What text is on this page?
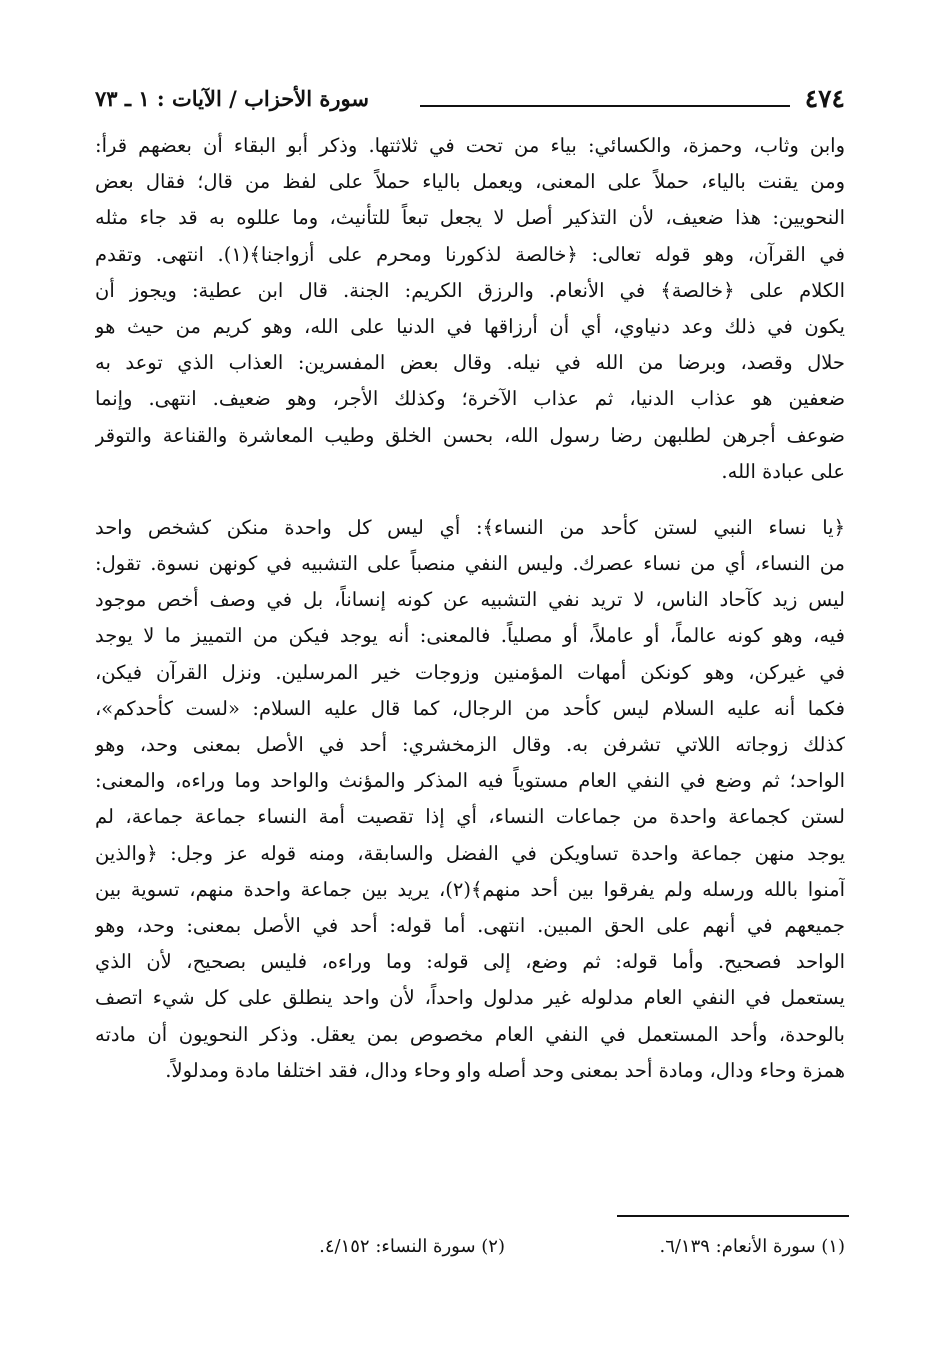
٤٧٤
سورة الأحزاب / الآيات : ١ ـ ٧٣
وابن وثاب، وحمزة، والكسائي: بياء من تحت في ثلاثتها. وذكر أبو البقاء أن بعضهم قرأ:
ومن يقنت بالياء، حملاً على المعنى، ويعمل بالياء حملاً على لفظ من قال؛ فقال بعض
النحويين: هذا ضعيف، لأن التذكير أصل لا يجعل تبعاً للتأنيث، وما عللوه به قد جاء مثله
في القرآن، وهو قوله تعالى: ﴿خالصة لذكورنا ومحرم على أزواجنا﴾(١). انتهى. وتقدم
الكلام على ﴿خالصة﴾ في الأنعام. والرزق الكريم: الجنة. قال ابن عطية: ويجوز أن
يكون في ذلك وعد دنياوي، أي أن أرزاقها في الدنيا على الله، وهو كريم من حيث هو
حلال وقصد، وبرضا من الله في نيله. وقال بعض المفسرين: العذاب الذي توعد به
ضعفين هو عذاب الدنيا، ثم عذاب الآخرة؛ وكذلك الأجر، وهو ضعيف. انتهى. وإنما
ضوعف أجرهن لطلبهن رضا رسول الله، بحسن الخلق وطيب المعاشرة والقناعة والتوقر
على عبادة الله.
﴿يا نساء النبي لستن كأحد من النساء﴾: أي ليس كل واحدة منكن كشخص واحد
من النساء، أي من نساء عصرك. وليس النفي منصباً على التشبيه في كونهن نسوة. تقول:
ليس زيد كآحاد الناس، لا تريد نفي التشبيه عن كونه إنساناً، بل في وصف أخص موجود
فيه، وهو كونه عالماً، أو عاملاً، أو مصلياً. فالمعنى: أنه يوجد فيكن من التمييز ما لا يوجد
في غيركن، وهو كونكن أمهات المؤمنين وزوجات خير المرسلين. ونزل القرآن فيكن،
فكما أنه عليه السلام ليس كأحد من الرجال، كما قال عليه السلام: «لست كأحدكم»،
كذلك زوجاته اللاتي تشرفن به. وقال الزمخشري: أحد في الأصل بمعنى وحد، وهو
الواحد؛ ثم وضع في النفي العام مستوياً فيه المذكر والمؤنث والواحد وما وراءه، والمعنى:
لستن كجماعة واحدة من جماعات النساء، أي إذا تقصيت أمة النساء جماعة جماعة، لم
يوجد منهن جماعة واحدة تساويكن في الفضل والسابقة، ومنه قوله عز وجل: ﴿والذين
آمنوا بالله ورسله ولم يفرقوا بين أحد منهم﴾(٢)، يريد بين جماعة واحدة منهم، تسوية بين
جميعهم في أنهم على الحق المبين. انتهى. أما قوله: أحد في الأصل بمعنى: وحد، وهو
الواحد فصحيح. وأما قوله: ثم وضع، إلى قوله: وما وراءه، فليس بصحيح، لأن الذي
يستعمل في النفي العام مدلوله غير مدلول واحداً، لأن واحد ينطلق على كل شيء اتصف
بالوحدة، وأحد المستعمل في النفي العام مخصوص بمن يعقل. وذكر النحويون أن مادته
همزة وحاء ودال، ومادة أحد بمعنى وحد أصله واو وحاء ودال، فقد اختلفا مادة ومدلولاً.
(١) سورة الأنعام: ٦/١٣٩.
(٢) سورة النساء: ٤/١٥٢.
